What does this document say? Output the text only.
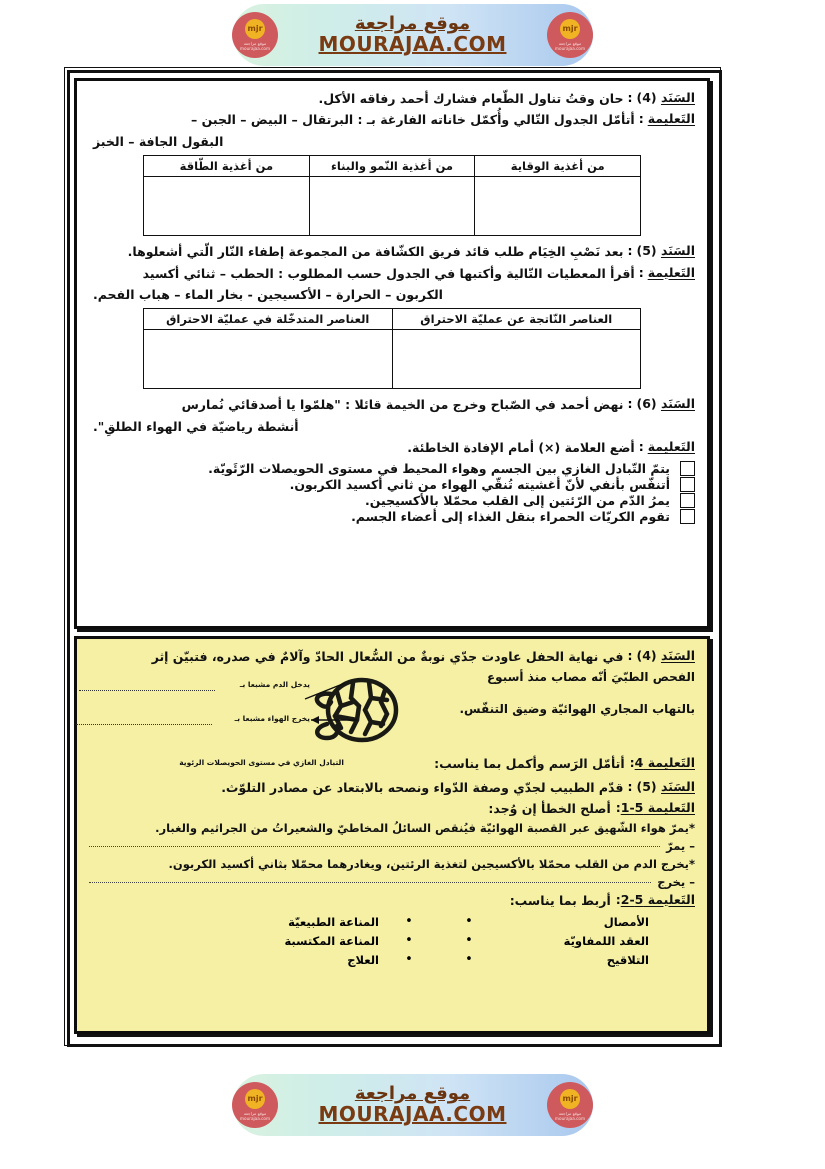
mjr
موقع مراجعة
mourajaa.com
موقع مراجعة
MOURAJAA.COM
mjr
موقع مراجعة
mourajaa.com
السَنَد (4)
:
حان وقتُ تناول الطّعام فشارك أحمد رفاقه الأكل.
التَعليمة
:
أتأمّل الجدول التّالي وأُكمّل خاناته الفارغة بـ : البرتقال – البيض – الجبن –
البقول الجافة – الخبز
من أغذية الوقاية	من أغذية النّمو والبناء	من أغذية الطّاقة

السَنَد (5)
:
بعد نَصْبِ الخِيَام طلب قائد فريق الكشّافة من المجموعة إطفاء النّار الّتي أشعلوها.
التَعليمة
:
أقرأ المعطيات التّالية وأكتبها في الجدول حسب المطلوب : الحطب – ثنائي أكسيد
الكربون – الحرارة – الأكسيجين - بخار الماء – هباب الفحم.
العناصر النّاتجة عن عمليّة الاحتراق	العناصر المتدخّلة في عمليّة الاحتراق

السَنَد (6)
:
نهض أحمد في الصّباح وخرج من الخيمة قائلا : "هلمّوا يا أصدقائي نُمارس
أنشطة رياضيّة في الهواء الطلقِ".
التَعليمة
:
أضع العلامة (×) أمام الإفادة الخاطئة.
يتمّ التّبادل الغازي بين الجسم وهواء المحيط في مستوى الحويصلات الرّئَويّة.
أتنفّس بأنفي لأنّ أغشيته تُنقّي الهواء من ثاني أكسيد الكربون.
يمرُ الدّم من الرّئتين إلى القلب محمّلا بالأكسيجين.
تقوم الكريّات الحمراء بنقل الغذاء إلى أعضاء الجسم.
السَنَد (4)
:
في نهاية الحفل عاودت جدّي نوبةٌ من السُّعال الحادّ وآلامٌ في صدره، فتبيّن إثر
الفحص الطبّيَ أنّه مصاب منذ أسبوع
بالتهاب المجاري الهوائيّة وضيق التنفّس.
يدخل الدم مشبعا بـ
يخرج الهواء مشبعا بـ
التَعليمة 4:
أتأمّل الرَسم وأكمل بما يناسب:
التبادل الغازي في مستوى الحويصلات الرئوية
السَنَد (5)
:
قدّم الطبيب لجدّي وصفة الدّواء ونصحه بالابتعاد عن مصادر التلوّث.
التَعليمة 5-1:
أصلح الخطأ إن وُجد:
*يمرّ هواء الشّهيق عبر القصبة الهوائيّة فيُنقص السائلُ المخاطيّ والشعيراتُ من الجراثيم والغبار.
– يمرّ
*يخرج الدم من القلب محمّلا بالأكسيجين لتغذية الرئتين، ويغادرهما محمّلا بثاني أكسيد الكربون.
– يخرج
التَعليمة 5-2:
أربط بما يناسب:
الأمصال
•
•
المناعة الطبيعيّة
العقد اللمفاويّة
•
•
المناعة المكتسبة
التلاقيح
•
•
العلاج
mjr
موقع مراجعة
mourajaa.com
موقع مراجعة
MOURAJAA.COM
mjr
موقع مراجعة
mourajaa.com
